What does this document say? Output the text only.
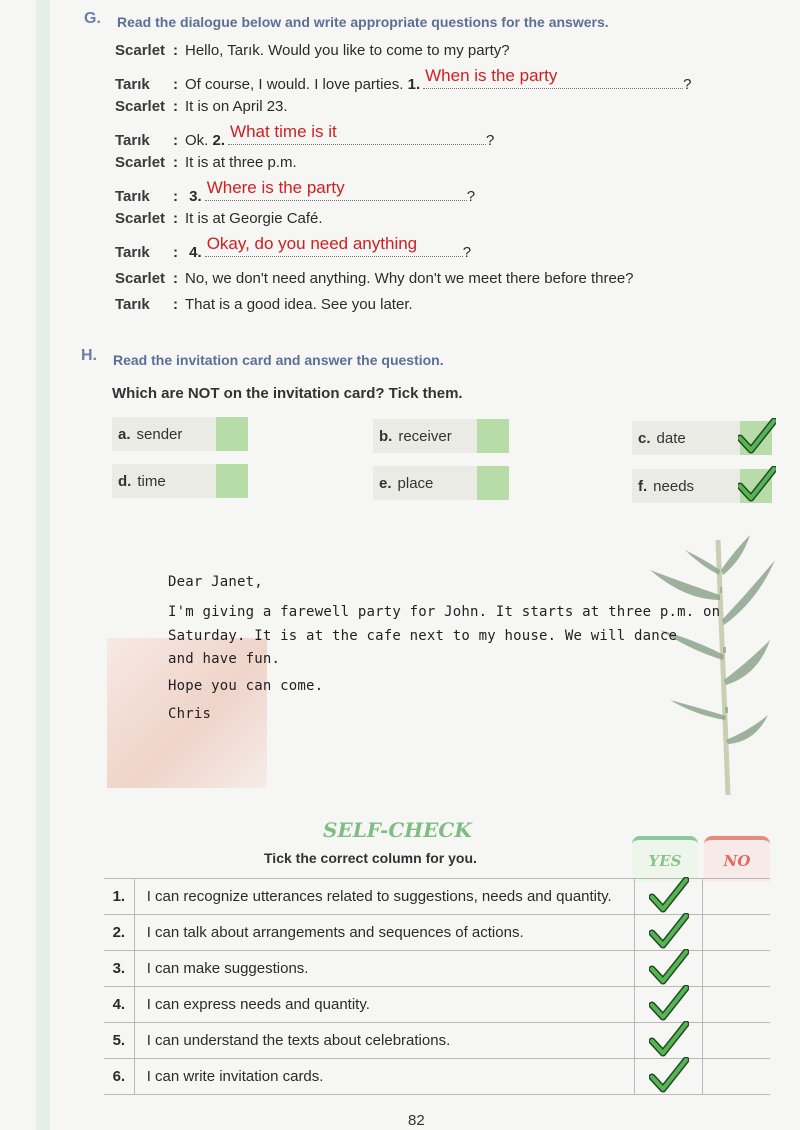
G. Read the dialogue below and write appropriate questions for the answers.
Scarlet : Hello, Tarık. Would you like to come to my party?
Tarık	: Of course, I would. I love parties.
1. When is the party	?
Scarlet : It is on April 23.
Tarık	: Ok.
2. What time is it	?
Scarlet : It is at three p.m.
Tarık	:
3. Where is the party	?
Scarlet : It is at Georgie Café.
Tarık	:
4. Okay, do you need anything	?
Scarlet : No, we don't need anything. Why don't we meet there before three?
Tarık	: That is a good idea. See you later.
H. Read the invitation card and answer the question.
Which are NOT on the invitation card? Tick them.
a. sender	b. receiver	c. date
d. time	e. place	f. needs
Dear Janet,
I'm giving a farewell party for John. It starts at three p.m. on
Saturday. It is at the cafe next to my house. We will dance
and have fun.
Hope you can come.
Chris
SELF-CHECK
Tick the correct column for you.	YES	NO
1.	I can recognize utterances related to suggestions, needs and quantity.	

2.	I can talk about arrangements and sequences of actions.	

3.	I can make suggestions.	

4.	I can express needs and quantity.	

5.	I can understand the texts about celebrations.	

6.	I can write invitation cards.	

82
